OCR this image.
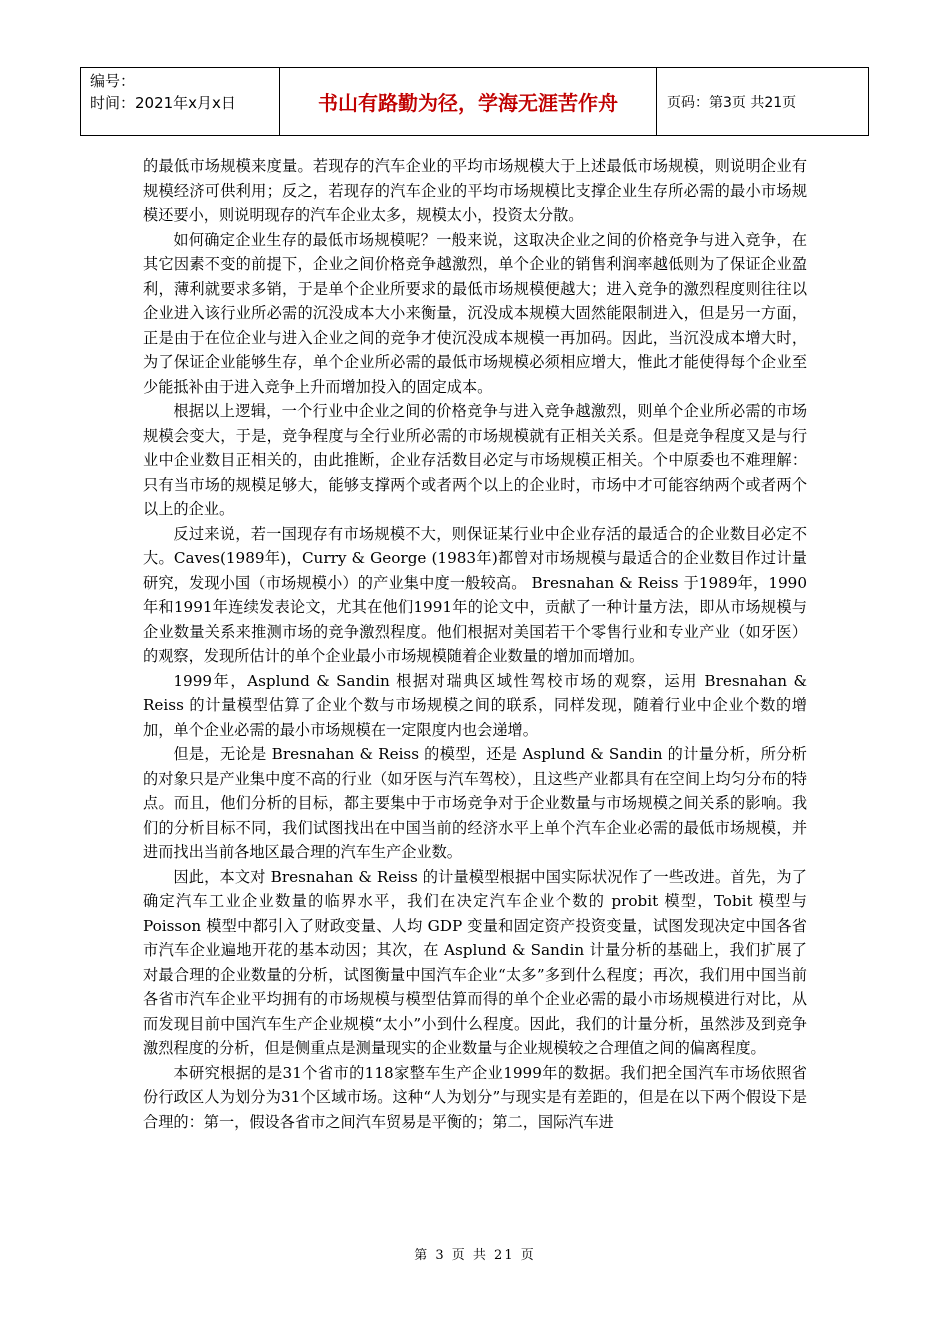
编号：
时间：2021年x月x日	书山有路勤为径，学海无涯苦作舟	页码：第3页 共21页

的最低市场规模来度量。若现存的汽车企业的平均市场规模大于上述最低市场规模，则说明企业有规模经济可供利用；反之，若现存的汽车企业的平均市场规模比支撑企业生存所必需的最小市场规模还要小，则说明现存的汽车企业太多，规模太小，投资太分散。

如何确定企业生存的最低市场规模呢？一般来说，这取决企业之间的价格竞争与进入竞争，在其它因素不变的前提下，企业之间价格竞争越激烈，单个企业的销售利润率越低则为了保证企业盈利，薄利就要求多销，于是单个企业所要求的最低市场规模便越大；进入竞争的激烈程度则往往以企业进入该行业所必需的沉没成本大小来衡量，沉没成本规模大固然能限制进入，但是另一方面，正是由于在位企业与进入企业之间的竞争才使沉没成本规模一再加码。因此，当沉没成本增大时，为了保证企业能够生存，单个企业所必需的最低市场规模必须相应增大，惟此才能使得每个企业至少能抵补由于进入竞争上升而增加投入的固定成本。

根据以上逻辑，一个行业中企业之间的价格竞争与进入竞争越激烈，则单个企业所必需的市场规模会变大，于是，竞争程度与全行业所必需的市场规模就有正相关关系。但是竞争程度又是与行业中企业数目正相关的，由此推断，企业存活数目必定与市场规模正相关。个中原委也不难理解：只有当市场的规模足够大，能够支撑两个或者两个以上的企业时，市场中才可能容纳两个或者两个以上的企业。

反过来说，若一国现存有市场规模不大，则保证某行业中企业存活的最适合的企业数目必定不大。Caves(1989年)，Curry & George (1983年)都曾对市场规模与最适合的企业数目作过计量研究，发现小国（市场规模小）的产业集中度一般较高。 Bresnahan & Reiss 于1989年，1990年和1991年连续发表论文，尤其在他们1991年的论文中，贡献了一种计量方法，即从市场规模与企业数量关系来推测市场的竞争激烈程度。他们根据对美国若干个零售行业和专业产业（如牙医）的观察，发现所估计的单个企业最小市场规模随着企业数量的增加而增加。

1999年，Asplund & Sandin 根据对瑞典区域性驾校市场的观察，运用 Bresnahan & Reiss 的计量模型估算了企业个数与市场规模之间的联系，同样发现，随着行业中企业个数的增加，单个企业必需的最小市场规模在一定限度内也会递增。

但是，无论是 Bresnahan & Reiss 的模型，还是 Asplund & Sandin 的计量分析，所分析的对象只是产业集中度不高的行业（如牙医与汽车驾校），且这些产业都具有在空间上均匀分布的特点。而且，他们分析的目标，都主要集中于市场竞争对于企业数量与市场规模之间关系的影响。我们的分析目标不同，我们试图找出在中国当前的经济水平上单个汽车企业必需的最低市场规模，并进而找出当前各地区最合理的汽车生产企业数。

因此，本文对 Bresnahan & Reiss 的计量模型根据中国实际状况作了一些改进。首先，为了确定汽车工业企业数量的临界水平，我们在决定汽车企业个数的 probit 模型，Tobit 模型与 Poisson 模型中都引入了财政变量、人均 GDP 变量和固定资产投资变量，试图发现决定中国各省市汽车企业遍地开花的基本动因；其次，在 Asplund & Sandin 计量分析的基础上，我们扩展了对最合理的企业数量的分析，试图衡量中国汽车企业“太多”多到什么程度；再次，我们用中国当前各省市汽车企业平均拥有的市场规模与模型估算而得的单个企业必需的最小市场规模进行对比，从而发现目前中国汽车生产企业规模“太小”小到什么程度。因此，我们的计量分析，虽然涉及到竞争激烈程度的分析，但是侧重点是测量现实的企业数量与企业规模较之合理值之间的偏离程度。

本研究根据的是31个省市的118家整车生产企业1999年的数据。我们把全国汽车市场依照省份行政区人为划分为31个区域市场。这种“人为划分”与现实是有差距的，但是在以下两个假设下是合理的：第一，假设各省市之间汽车贸易是平衡的；第二，国际汽车进

第 3 页 共 21 页
